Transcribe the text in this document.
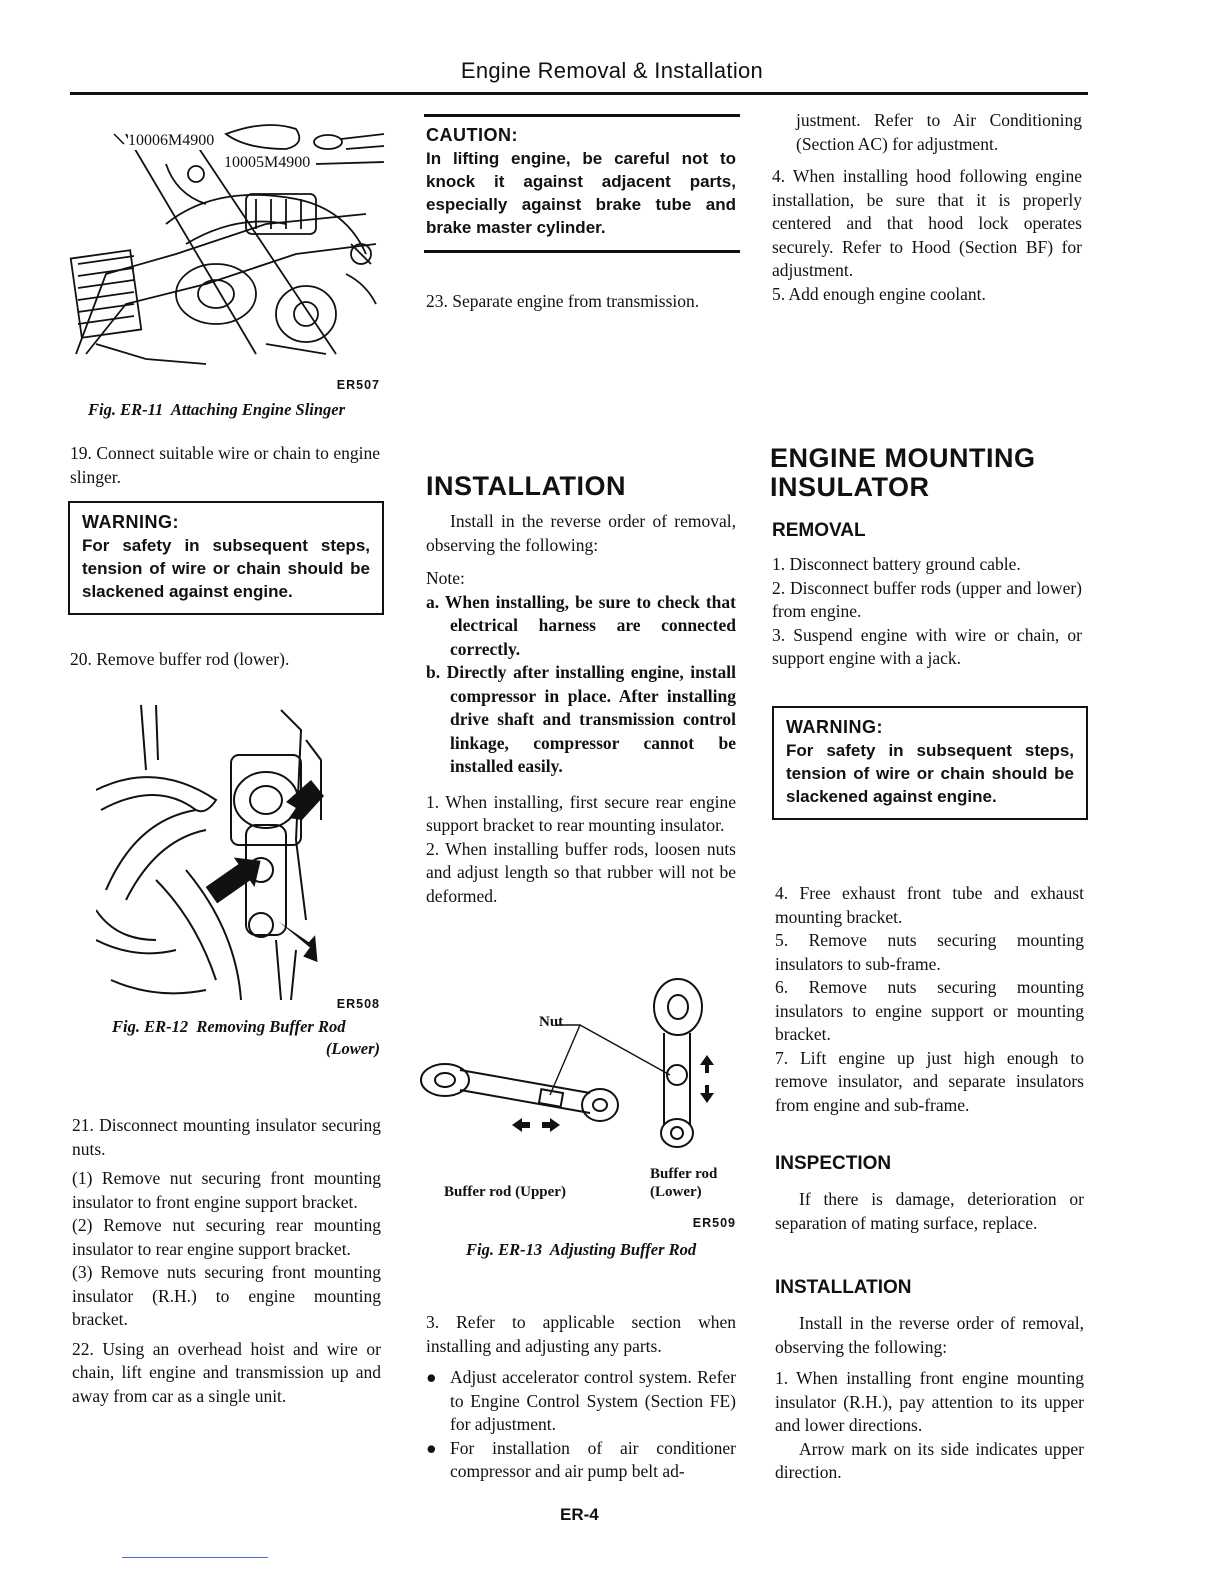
Engine Removal & Installation
10006M4900
10005M4900
ER507
Fig. ER-11  Attaching Engine Slinger

19. Connect suitable wire or chain to engine slinger.

WARNING:
For safety in subsequent steps, tension of wire or chain should be slackened against engine.

20. Remove buffer rod (lower).

ER508
Fig. ER-12  Removing Buffer Rod
(Lower)

21. Disconnect mounting insulator securing nuts.

(1) Remove nut securing front mounting insulator to front engine support bracket.

(2) Remove nut securing rear mounting insulator to rear engine support bracket.

(3) Remove nuts securing front mounting insulator (R.H.) to engine mounting bracket.

22. Using an overhead hoist and wire or chain, lift engine and transmission up and away from car as a single unit.

CAUTION:
In lifting engine, be careful not to knock it against adjacent parts, especially against brake tube and brake master cylinder.

23. Separate engine from transmission.

INSTALLATION

Install in the reverse order of removal, observing the following:

Note:

a. When installing, be sure to check that electrical harness are connected correctly.

b. Directly after installing engine, install compressor in place. After installing drive shaft and transmission control linkage, compressor cannot be installed easily.

1. When installing, first secure rear engine support bracket to rear mounting insulator.

2. When installing buffer rods, loosen nuts and adjust length so that rubber will not be deformed.

Nut
Buffer rod (Upper)
Buffer rod
(Lower)
ER509
Fig. ER-13  Adjusting Buffer Rod

3. Refer to applicable section when installing and adjusting any parts.

● Adjust accelerator control system. Refer to Engine Control System (Section FE) for adjustment.

● For installation of air conditioner compressor and air pump belt ad-

justment. Refer to Air Conditioning (Section AC) for adjustment.

4. When installing hood following engine installation, be sure that it is properly centered and that hood lock operates securely. Refer to Hood (Section BF) for adjustment.

5. Add enough engine coolant.

ENGINE MOUNTING
INSULATOR
REMOVAL

1. Disconnect battery ground cable.

2. Disconnect buffer rods (upper and lower) from engine.

3. Suspend engine with wire or chain, or support engine with a jack.

WARNING:
For safety in subsequent steps, tension of wire or chain should be slackened against engine.

4. Free exhaust front tube and exhaust mounting bracket.

5. Remove nuts securing mounting insulators to sub-frame.

6. Remove nuts securing mounting insulators to engine support or mounting bracket.

7. Lift engine up just high enough to remove insulator, and separate insulators from engine and sub-frame.

INSPECTION

If there is damage, deterioration or separation of mating surface, replace.

INSTALLATION

Install in the reverse order of removal, observing the following:

1. When installing front engine mounting insulator (R.H.), pay attention to its upper and lower directions.

Arrow mark on its side indicates upper direction.

ER-4
